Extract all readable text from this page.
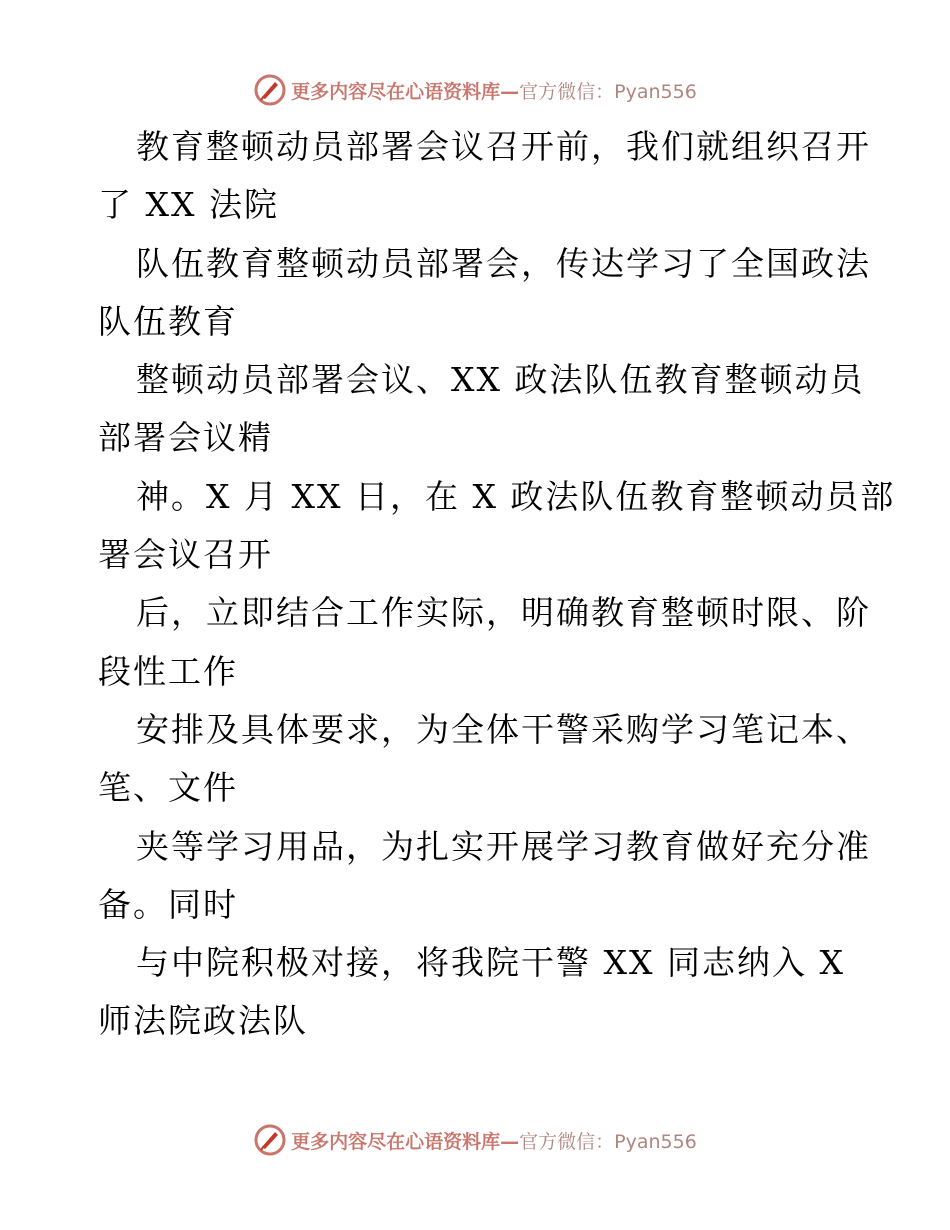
更多内容尽在心语资料库—官方微信：Pyan556
教育整顿动员部署会议召开前，我们就组织召开
了 XX 法院
队伍教育整顿动员部署会，传达学习了全国政法
队伍教育
整顿动员部署会议、XX 政法队伍教育整顿动员
部署会议精
神。X 月 XX 日，在 X 政法队伍教育整顿动员部
署会议召开
后，立即结合工作实际，明确教育整顿时限、阶
段性工作
安排及具体要求，为全体干警采购学习笔记本、
笔、文件
夹等学习用品，为扎实开展学习教育做好充分准
备。同时
与中院积极对接，将我院干警 XX 同志纳入 X
师法院政法队
更多内容尽在心语资料库—官方微信：Pyan556
